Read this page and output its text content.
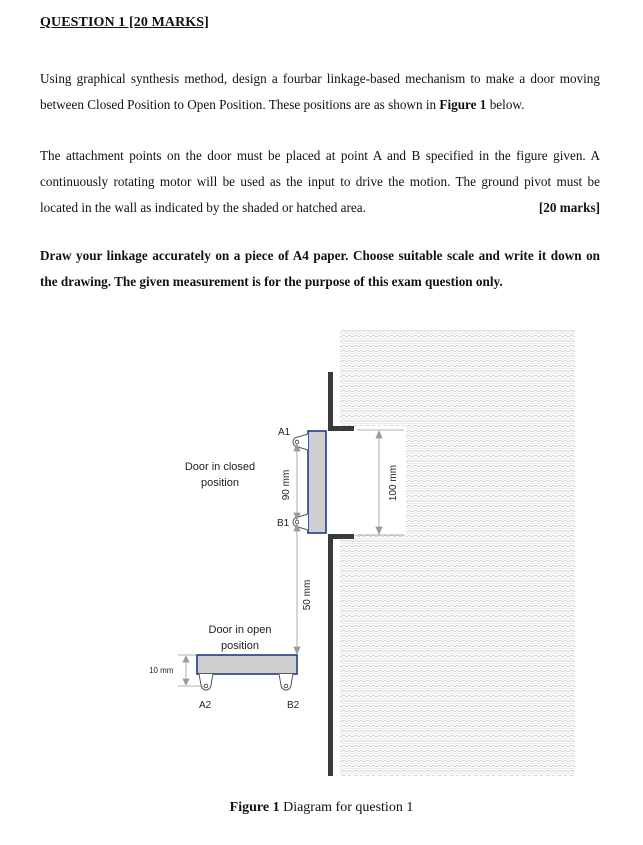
QUESTION 1 [20 MARKS]
Using graphical synthesis method, design a fourbar linkage-based mechanism to make a door moving between Closed Position to Open Position. These positions are as shown in Figure 1 below.
The attachment points on the door must be placed at point A and B specified in the figure given. A continuously rotating motor will be used as the input to drive the motion. The ground pivot must be located in the wall as indicated by the shaded or hatched area.	[20 marks]
Draw your linkage accurately on a piece of A4 paper. Choose suitable scale and write it down on the drawing. The given measurement is for the purpose of this exam question only.
100 mm
A1
B1
90 mm
50 mm
Door in closed
position
Door in open
position
A2	B2
10 mm
Figure 1 Diagram for question 1
